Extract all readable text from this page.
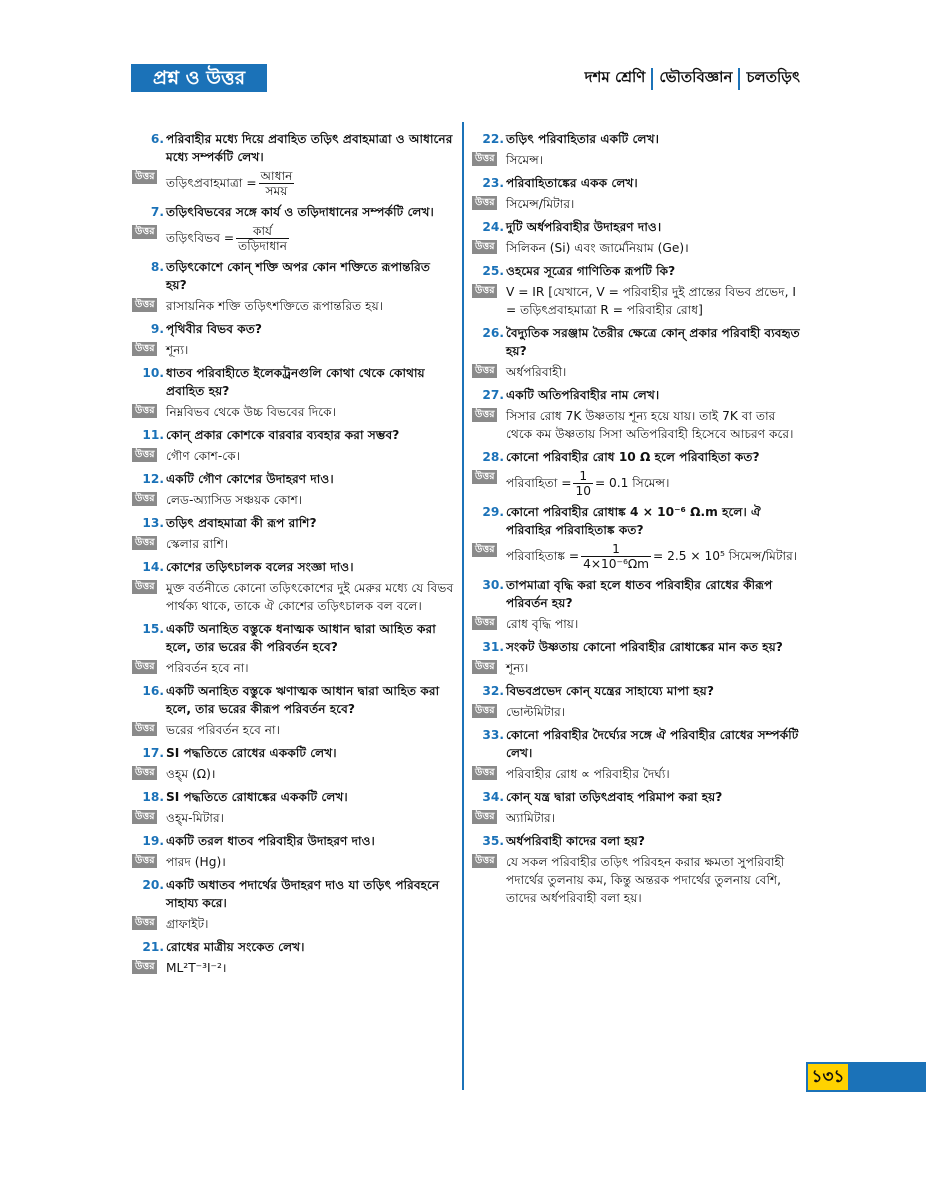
প্রশ্ন ও উত্তর	দশম শ্রেণি ভৌতবিজ্ঞান চলতড়িৎ
6. পরিবাহীর মধ্যে দিয়ে প্রবাহিত তড়িৎ প্রবাহমাত্রা ও আধানের মধ্যে সম্পর্কটি লেখ।
উত্তর তড়িৎপ্রবাহমাত্রা = $\frac{\text{আধান}}{\text{সময়}}$
7. তড়িৎবিভবের সঙ্গে কার্য ও তড়িদাধানের সম্পর্কটি লেখ।
উত্তর তড়িৎবিভব = $\frac{\text{কার্য}}{\text{তড়িদাধান}}$
8. তড়িৎকোশে কোন্‌ শক্তি অপর কোন শক্তিতে রূপান্তরিত হয়?
উত্তর রাসায়নিক শক্তি তড়িৎশক্তিতে রূপান্তরিত হয়।
9. পৃথিবীর বিভব কত?
উত্তর শূন্য।
10. ধাতব পরিবাহীতে ইলেকট্রনগুলি কোথা থেকে কোথায় প্রবাহিত হয়?
উত্তর নিম্নবিভব থেকে উচ্চ বিভবের দিকে।
11. কোন্‌ প্রকার কোশকে বারবার ব্যবহার করা সম্ভব?
উত্তর গৌণ কোশ-কে।
12. একটি গৌণ কোশের উদাহরণ দাও।
উত্তর লেড-অ্যাসিড সঞ্চয়ক কোশ।
13. তড়িৎ প্রবাহমাত্রা কী রূপ রাশি?
উত্তর স্কেলার রাশি।
14. কোশের তড়িৎচালক বলের সংজ্ঞা দাও।
উত্তর মুক্ত বর্তনীতে কোনো তড়িৎকোশের দুই মেরুর মধ্যে যে বিভব পার্থক্য থাকে, তাকে ঐ কোশের তড়িৎচালক বল বলে।
15. একটি অনাহিত বস্তুকে ধনাত্মক আধান দ্বারা আহিত করা হলে, তার ভরের কী পরিবর্তন হবে?
উত্তর পরিবর্তন হবে না।
16. একটি অনাহিত বস্তুকে ঋণাত্মক আধান দ্বারা আহিত করা হলে, তার ভরের কীরূপ পরিবর্তন হবে?
উত্তর ভরের পরিবর্তন হবে না।
17. SI পদ্ধতিতে রোধের এককটি লেখ।
উত্তর ওহ্‌ম (Ω)।
18. SI পদ্ধতিতে রোধাঙ্কের এককটি লেখ।
উত্তর ওহ্‌ম-মিটার।
19. একটি তরল ধাতব পরিবাহীর উদাহরণ দাও।
উত্তর পারদ (Hg)।
20. একটি অধাতব পদার্থের উদাহরণ দাও যা তড়িৎ পরিবহনে সাহায্য করে।
উত্তর গ্রাফাইট।
21. রোধের মাত্রীয় সংকেত লেখ।
উত্তর ML²T⁻³I⁻²।
22. তড়িৎ পরিবাহিতার একটি লেখ।
উত্তর সিমেন্স।
23. পরিবাহিতাঙ্কের একক লেখ।
উত্তর সিমেন্স/মিটার।
24. দুটি অর্ধপরিবাহীর উদাহরণ দাও।
উত্তর সিলিকন (Si) এবং জার্মেনিয়াম (Ge)।
25. ওহমের সূত্রের গাণিতিক রূপটি কি?
উত্তর V = IR [যেখানে, V = পরিবাহীর দুই প্রান্তের বিভব প্রভেদ, I = তড়িৎপ্রবাহমাত্রা R = পরিবাহীর রোধ]
26. বৈদ্যুতিক সরঞ্জাম তৈরীর ক্ষেত্রে কোন্‌ প্রকার পরিবাহী ব্যবহৃত হয়?
উত্তর অর্ধপরিবাহী।
27. একটি অতিপরিবাহীর নাম লেখ।
উত্তর সিসার রোধ 7K উষ্ণতায় শূন্য হয়ে যায়। তাই 7K বা তার থেকে কম উষ্ণতায় সিসা অতিপরিবাহী হিসেবে আচরণ করে।
28. কোনো পরিবাহীর রোধ 10 Ω হলে পরিবাহিতা কত?
উত্তর পরিবাহিতা = $\frac{1}{10} = 0.1$ সিমেন্স।
29. কোনো পরিবাহীর রোধাঙ্ক 4 × 10⁻⁶ Ω.m হলে। ঐ পরিবাহির পরিবাহিতাঙ্ক কত?
উত্তর পরিবাহিতাঙ্ক = $\frac{1}{\text{4×10⁻⁶Ωm}} = 2.5 \times 10^5$ সিমেন্স/মিটার।
30. তাপমাত্রা বৃদ্ধি করা হলে ধাতব পরিবাহীর রোধের কীরূপ পরিবর্তন হয়?
উত্তর রোধ বৃদ্ধি পায়।
31. সংকট উষ্ণতায় কোনো পরিবাহীর রোধাঙ্কের মান কত হয়?
উত্তর শূন্য।
32. বিভবপ্রভেদ কোন্‌ যন্ত্রের সাহায্যে মাপা হয়?
উত্তর ভোল্টমিটার।
33. কোনো পরিবাহীর দৈর্ঘ্যের সঙ্গে ঐ পরিবাহীর রোধের সম্পর্কটি লেখ।
উত্তর পরিবাহীর রোধ ∝ পরিবাহীর দৈর্ঘ্য।
34. কোন্‌ যন্ত্র দ্বারা তড়িৎপ্রবাহ পরিমাপ করা হয়?
উত্তর অ্যামিটার।
35. অর্ধপরিবাহী কাদের বলা হয়?
উত্তর যে সকল পরিবাহীর তড়িৎ পরিবহন করার ক্ষমতা সুপরিবাহী পদার্থের তুলনায় কম, কিন্তু অন্তরক পদার্থের তুলনায় বেশি, তাদের অর্ধপরিবাহী বলা হয়।
১৩১
